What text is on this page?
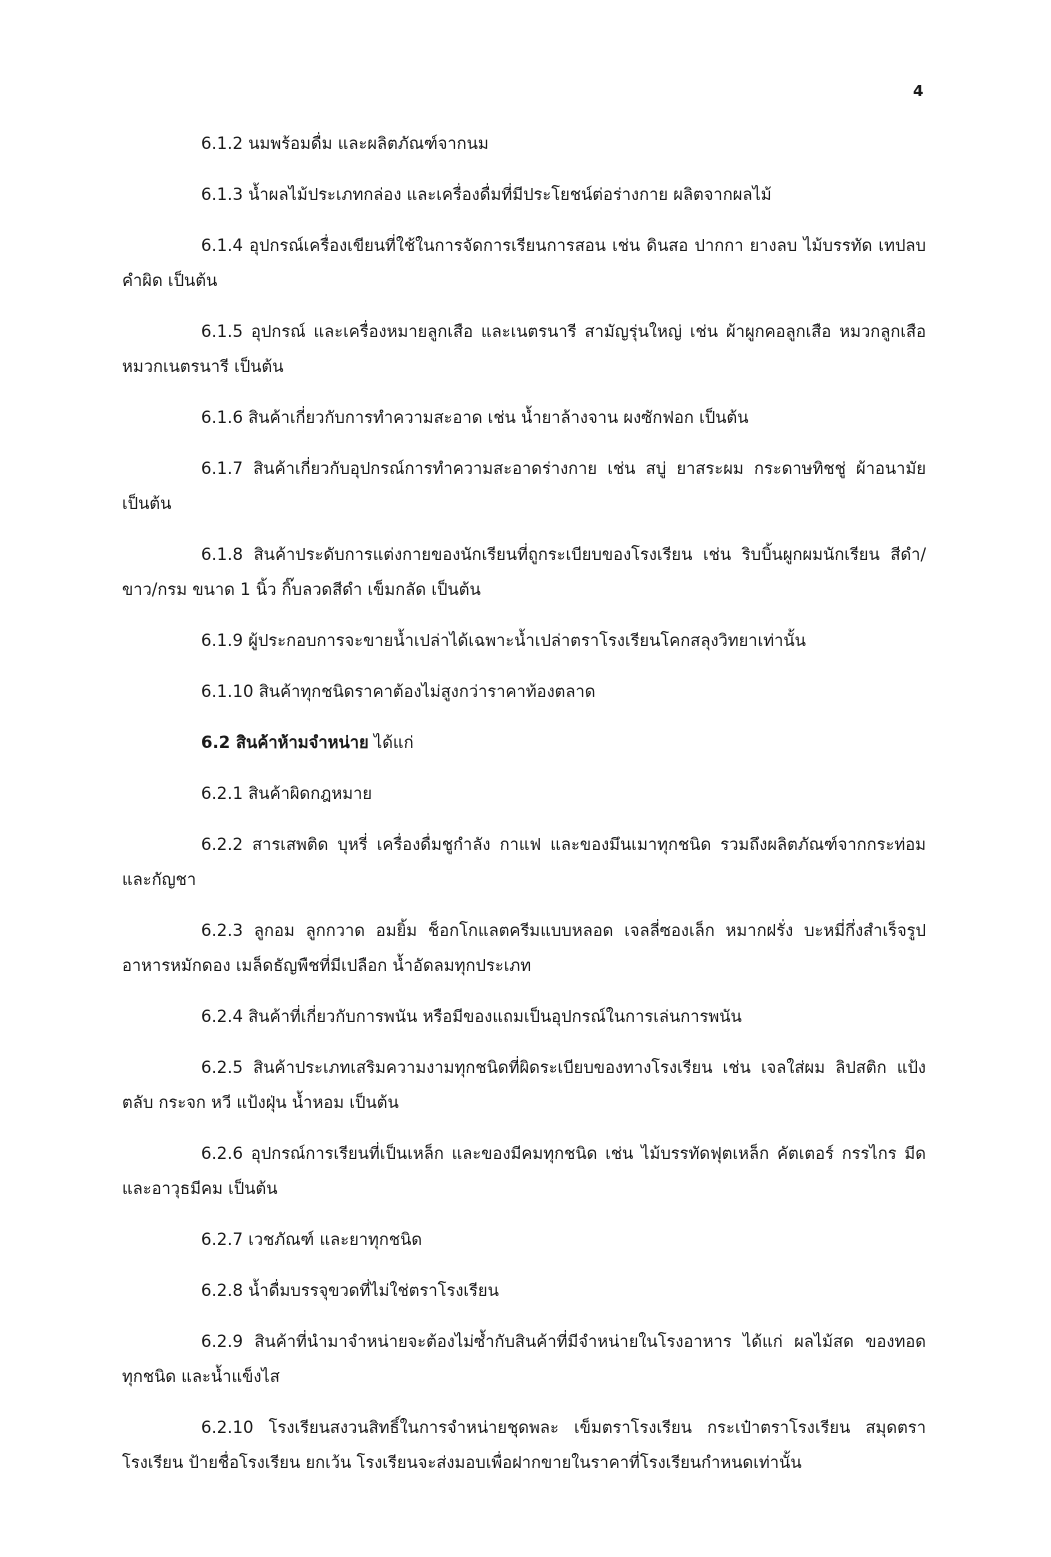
4

6.1.2 นมพร้อมดื่ม และผลิตภัณฑ์จากนม

6.1.3 น้ำผลไม้ประเภทกล่อง และเครื่องดื่มที่มีประโยชน์ต่อร่างกาย ผลิตจากผลไม้

6.1.4 อุปกรณ์เครื่องเขียนที่ใช้ในการจัดการเรียนการสอน เช่น ดินสอ ปากกา ยางลบ ไม้บรรทัด เทปลบคำผิด เป็นต้น

6.1.5 อุปกรณ์ และเครื่องหมายลูกเสือ และเนตรนารี สามัญรุ่นใหญ่ เช่น ผ้าผูกคอลูกเสือ หมวกลูกเสือ หมวกเนตรนารี เป็นต้น

6.1.6 สินค้าเกี่ยวกับการทำความสะอาด เช่น น้ำยาล้างจาน ผงซักฟอก เป็นต้น

6.1.7 สินค้าเกี่ยวกับอุปกรณ์การทำความสะอาดร่างกาย เช่น สบู่ ยาสระผม กระดาษทิชชู่ ผ้าอนามัย เป็นต้น

6.1.8 สินค้าประดับการแต่งกายของนักเรียนที่ถูกระเบียบของโรงเรียน เช่น ริบบิ้นผูกผมนักเรียน สีดำ/ขาว/กรม ขนาด 1 นิ้ว กิ๊บลวดสีดำ เข็มกลัด เป็นต้น

6.1.9 ผู้ประกอบการจะขายน้ำเปล่าได้เฉพาะน้ำเปล่าตราโรงเรียนโคกสลุงวิทยาเท่านั้น

6.1.10 สินค้าทุกชนิดราคาต้องไม่สูงกว่าราคาท้องตลาด

6.2 สินค้าห้ามจำหน่าย ได้แก่

6.2.1 สินค้าผิดกฎหมาย

6.2.2 สารเสพติด บุหรี่ เครื่องดื่มชูกำลัง กาแฟ และของมึนเมาทุกชนิด รวมถึงผลิตภัณฑ์จากกระท่อม และกัญชา

6.2.3 ลูกอม ลูกกวาด อมยิ้ม ช็อกโกแลตครีมแบบหลอด เจลลี่ซองเล็ก หมากฝรั่ง บะหมี่กึ่งสำเร็จรูป อาหารหมักดอง เมล็ดธัญพืชที่มีเปลือก น้ำอัดลมทุกประเภท

6.2.4 สินค้าที่เกี่ยวกับการพนัน หรือมีของแถมเป็นอุปกรณ์ในการเล่นการพนัน

6.2.5 สินค้าประเภทเสริมความงามทุกชนิดที่ผิดระเบียบของทางโรงเรียน เช่น เจลใส่ผม ลิปสติก แป้งตลับ กระจก หวี แป้งฝุ่น น้ำหอม เป็นต้น

6.2.6 อุปกรณ์การเรียนที่เป็นเหล็ก และของมีคมทุกชนิด เช่น ไม้บรรทัดฟุตเหล็ก คัตเตอร์ กรรไกร มีด และอาวุธมีคม เป็นต้น

6.2.7 เวชภัณฑ์ และยาทุกชนิด

6.2.8 น้ำดื่มบรรจุขวดที่ไม่ใช่ตราโรงเรียน

6.2.9 สินค้าที่นำมาจำหน่ายจะต้องไม่ซ้ำกับสินค้าที่มีจำหน่ายในโรงอาหาร ได้แก่ ผลไม้สด ของทอด ทุกชนิด และน้ำแข็งไส

6.2.10 โรงเรียนสงวนสิทธิ์ในการจำหน่ายชุดพละ เข็มตราโรงเรียน กระเป๋าตราโรงเรียน สมุดตราโรงเรียน ป้ายชื่อโรงเรียน ยกเว้น โรงเรียนจะส่งมอบเพื่อฝากขายในราคาที่โรงเรียนกำหนดเท่านั้น
